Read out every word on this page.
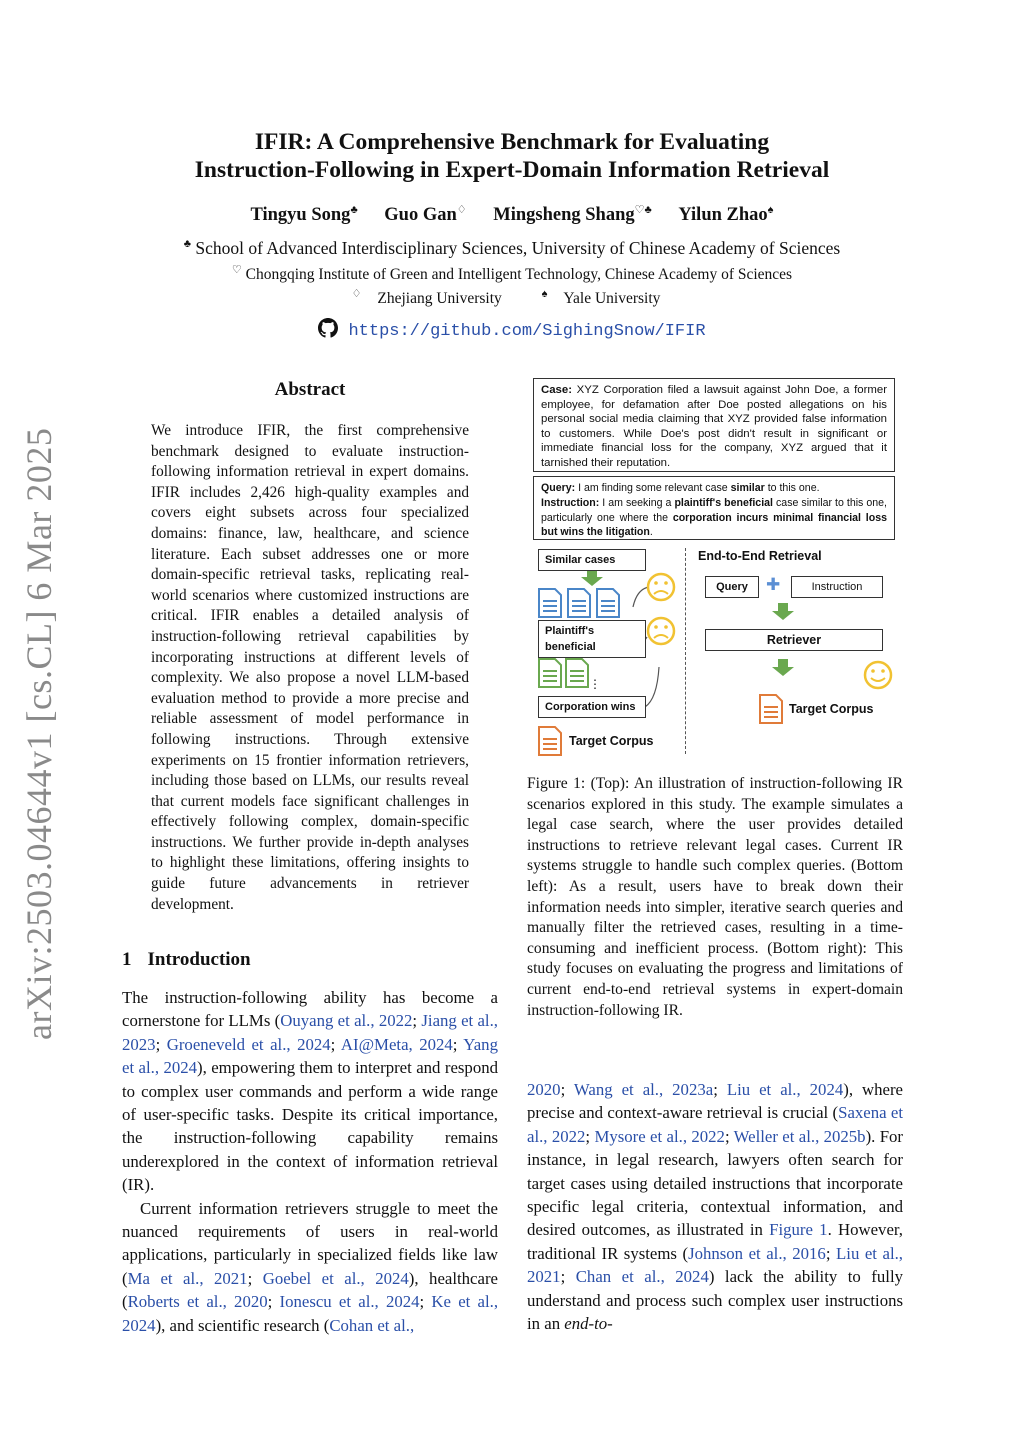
arXiv:2503.04644v1 [cs.CL] 6 Mar 2025
IFIR: A Comprehensive Benchmark for Evaluating
Instruction-Following in Expert-Domain Information Retrieval
Tingyu Song♣ Guo Gan♢ Mingsheng Shang♡♣ Yilun Zhao♠
♣ School of Advanced Interdisciplinary Sciences, University of Chinese Academy of Sciences
♡ Chongqing Institute of Green and Intelligent Technology, Chinese Academy of Sciences
♢ Zhejiang University	♠ Yale University
https://github.com/SighingSnow/IFIR
Abstract
We introduce IFIR, the first comprehensive benchmark designed to evaluate instruction-following information retrieval in expert domains. IFIR includes 2,426 high-quality examples and covers eight subsets across four specialized domains: finance, law, healthcare, and science literature. Each subset addresses one or more domain-specific retrieval tasks, replicating real-world scenarios where customized instructions are critical. IFIR enables a detailed analysis of instruction-following retrieval capabilities by incorporating instructions at different levels of complexity. We also propose a novel LLM-based evaluation method to provide a more precise and reliable assessment of model performance in following instructions. Through extensive experiments on 15 frontier information retrievers, including those based on LLMs, our results reveal that current models face significant challenges in effectively following complex, domain-specific instructions. We further provide in-depth analyses to highlight these limitations, offering insights to guide future advancements in retriever development.
1 Introduction

The instruction-following ability has become a cornerstone for LLMs (Ouyang et al., 2022; Jiang et al., 2023; Groeneveld et al., 2024; AI@Meta, 2024; Yang et al., 2024), empowering them to interpret and respond to complex user commands and perform a wide range of user-specific tasks. Despite its critical importance, the instruction-following capability remains underexplored in the context of information retrieval (IR).

Current information retrievers struggle to meet the nuanced requirements of users in real-world applications, particularly in specialized fields like law (Ma et al., 2021; Goebel et al., 2024), healthcare (Roberts et al., 2020; Ionescu et al., 2024; Ke et al., 2024), and scientific research (Cohan et al.,

Case: XYZ Corporation filed a lawsuit against John Doe, a former employee, for defamation after Doe posted allegations on his personal social media claiming that XYZ provided false information to customers. While Doe's post didn't result in significant or immediate financial loss for the company, XYZ argued that it tarnished their reputation.
Query: I am finding some relevant case similar to this one.
Instruction: I am seeking a plaintiff's beneficial case similar to this one, particularly one where the corporation incurs minimal financial loss but wins the litigation.
Similar cases
Plaintiff's beneficial
⋮
Corporation wins
Target Corpus
End-to-End Retrieval
Query	✚	Instruction
Retriever
Target Corpus
Figure 1: (Top): An illustration of instruction-following IR scenarios explored in this study. The example simulates a legal case search, where the user provides detailed instructions to retrieve relevant legal cases. Current IR systems struggle to handle such complex queries. (Bottom left): As a result, users have to break down their information needs into simpler, iterative search queries and manually filter the retrieved cases, resulting in a time-consuming and inefficient process. (Bottom right): This study focuses on evaluating the progress and limitations of current end-to-end retrieval systems in expert-domain instruction-following IR.
2020; Wang et al., 2023a; Liu et al., 2024), where precise and context-aware retrieval is crucial (Saxena et al., 2022; Mysore et al., 2022; Weller et al., 2025b). For instance, in legal research, lawyers often search for target cases using detailed instructions that incorporate specific legal criteria, contextual information, and desired outcomes, as illustrated in Figure 1. However, traditional IR systems (Johnson et al., 2016; Liu et al., 2021; Chan et al., 2024) lack the ability to fully understand and process such complex user instructions in an end-to-
